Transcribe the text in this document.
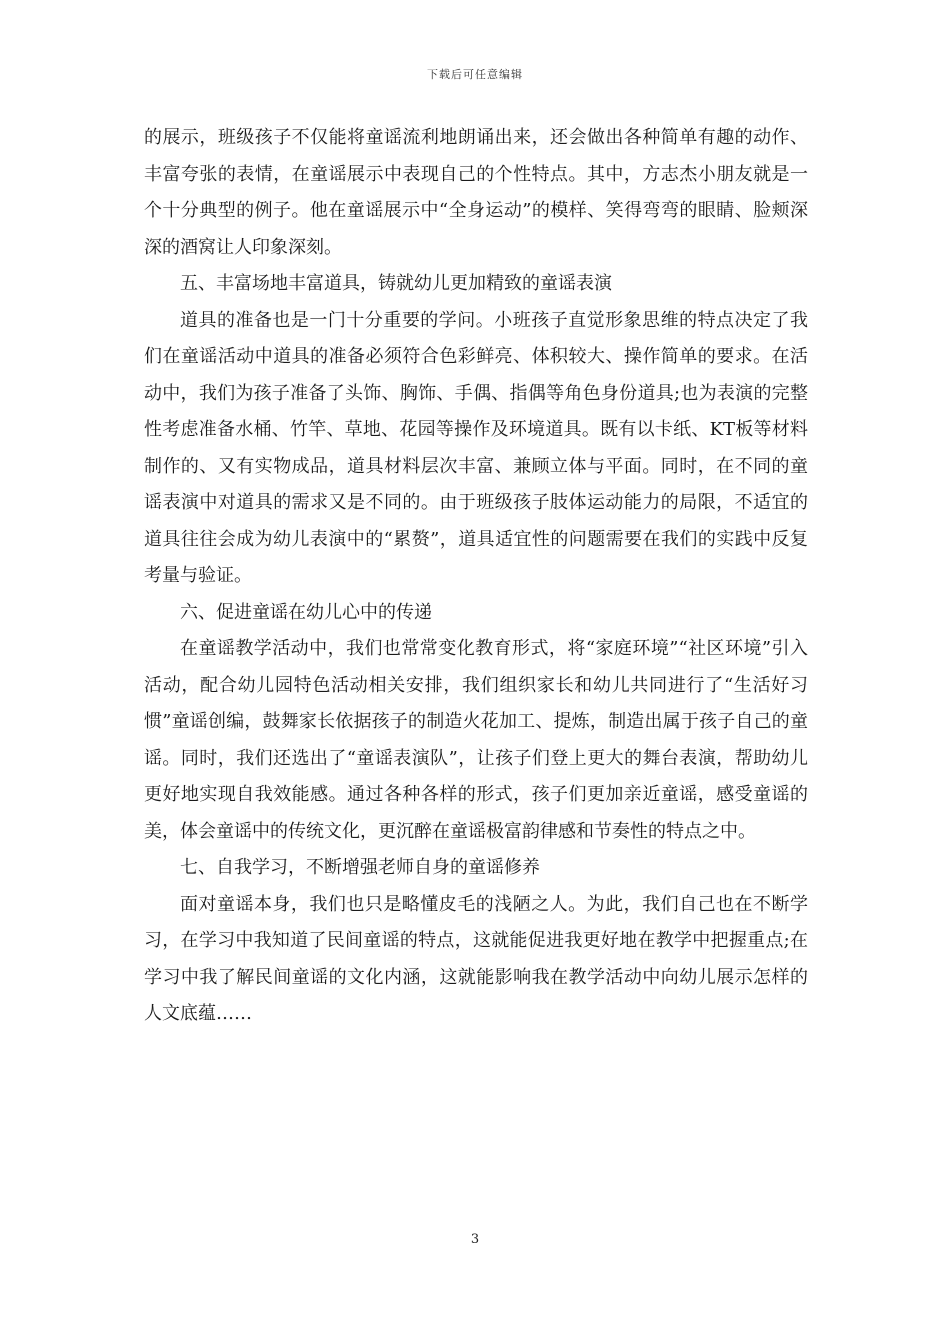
下载后可任意编辑

的展示，班级孩子不仅能将童谣流利地朗诵出来，还会做出各种简单有趣的动作、丰富夸张的表情，在童谣展示中表现自己的个性特点。其中，方志杰小朋友就是一个十分典型的例子。他在童谣展示中“全身运动”的模样、笑得弯弯的眼睛、脸颊深深的酒窝让人印象深刻。

五、丰富场地丰富道具，铸就幼儿更加精致的童谣表演

道具的准备也是一门十分重要的学问。小班孩子直觉形象思维的特点决定了我们在童谣活动中道具的准备必须符合色彩鲜亮、体积较大、操作简单的要求。在活动中，我们为孩子准备了头饰、胸饰、手偶、指偶等角色身份道具;也为表演的完整性考虑准备水桶、竹竿、草地、花园等操作及环境道具。既有以卡纸、KT板等材料制作的、又有实物成品，道具材料层次丰富、兼顾立体与平面。同时，在不同的童谣表演中对道具的需求又是不同的。由于班级孩子肢体运动能力的局限，不适宜的道具往往会成为幼儿表演中的“累赘”，道具适宜性的问题需要在我们的实践中反复考量与验证。

六、促进童谣在幼儿心中的传递

在童谣教学活动中，我们也常常变化教育形式，将“家庭环境”“社区环境”引入活动，配合幼儿园特色活动相关安排，我们组织家长和幼儿共同进行了“生活好习惯”童谣创编，鼓舞家长依据孩子的制造火花加工、提炼，制造出属于孩子自己的童谣。同时，我们还选出了“童谣表演队”，让孩子们登上更大的舞台表演，帮助幼儿更好地实现自我效能感。通过各种各样的形式，孩子们更加亲近童谣，感受童谣的美，体会童谣中的传统文化，更沉醉在童谣极富韵律感和节奏性的特点之中。

七、自我学习，不断增强老师自身的童谣修养

面对童谣本身，我们也只是略懂皮毛的浅陋之人。为此，我们自己也在不断学习，在学习中我知道了民间童谣的特点，这就能促进我更好地在教学中把握重点;在学习中我了解民间童谣的文化内涵，这就能影响我在教学活动中向幼儿展示怎样的人文底蕴……

3
